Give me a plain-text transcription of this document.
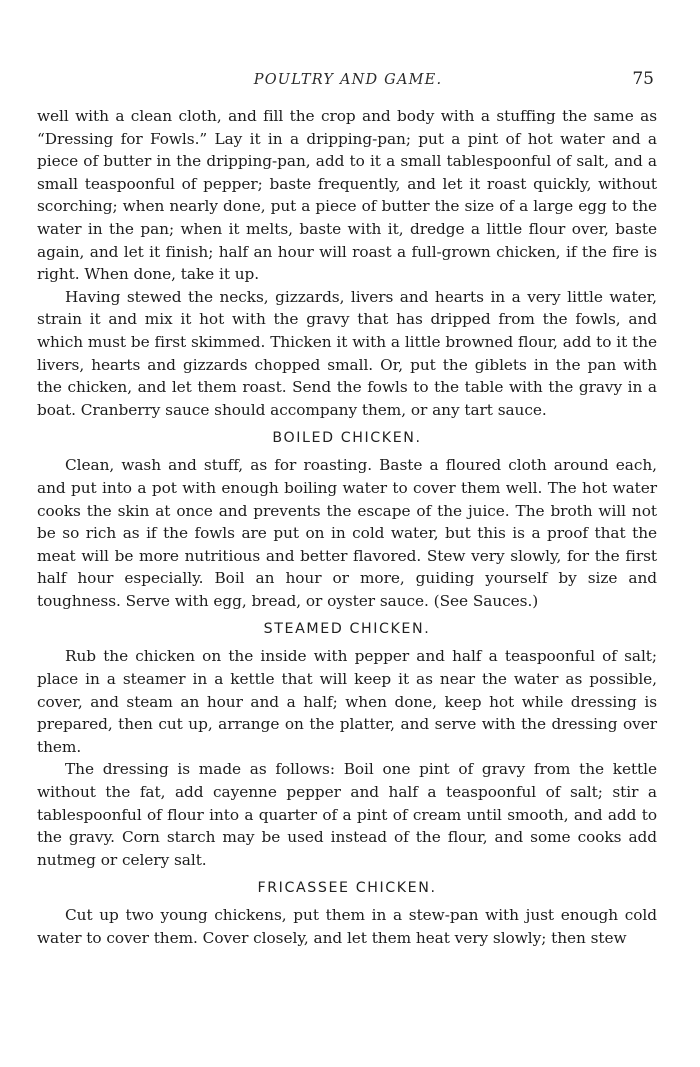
POULTRY AND GAME.	75

well with a clean cloth, and fill the crop and body with a stuffing the same as “Dressing for Fowls.” Lay it in a dripping-pan; put a pint of hot water and a piece of butter in the dripping-pan, add to it a small tablespoonful of salt, and a small teaspoonful of pepper; baste frequently, and let it roast quickly, without scorching; when nearly done, put a piece of butter the size of a large egg to the water in the pan; when it melts, baste with it, dredge a little flour over, baste again, and let it finish; half an hour will roast a full-grown chicken, if the fire is right. When done, take it up.

Having stewed the necks, gizzards, livers and hearts in a very little water, strain it and mix it hot with the gravy that has dripped from the fowls, and which must be first skimmed. Thicken it with a little browned flour, add to it the livers, hearts and gizzards chopped small. Or, put the giblets in the pan with the chicken, and let them roast. Send the fowls to the table with the gravy in a boat. Cranberry sauce should accompany them, or any tart sauce.

BOILED CHICKEN.

Clean, wash and stuff, as for roasting. Baste a floured cloth around each, and put into a pot with enough boiling water to cover them well. The hot water cooks the skin at once and prevents the escape of the juice. The broth will not be so rich as if the fowls are put on in cold water, but this is a proof that the meat will be more nutritious and better flavored. Stew very slowly, for the first half hour especially. Boil an hour or more, guiding yourself by size and toughness. Serve with egg, bread, or oyster sauce. (See Sauces.)

STEAMED CHICKEN.

Rub the chicken on the inside with pepper and half a teaspoonful of salt; place in a steamer in a kettle that will keep it as near the water as possible, cover, and steam an hour and a half; when done, keep hot while dressing is prepared, then cut up, arrange on the platter, and serve with the dressing over them.

The dressing is made as follows: Boil one pint of gravy from the kettle without the fat, add cayenne pepper and half a teaspoonful of salt; stir a tablespoonful of flour into a quarter of a pint of cream until smooth, and add to the gravy. Corn starch may be used instead of the flour, and some cooks add nutmeg or celery salt.

FRICASSEE CHICKEN.

Cut up two young chickens, put them in a stew-pan with just enough cold water to cover them. Cover closely, and let them heat very slowly; then stew
